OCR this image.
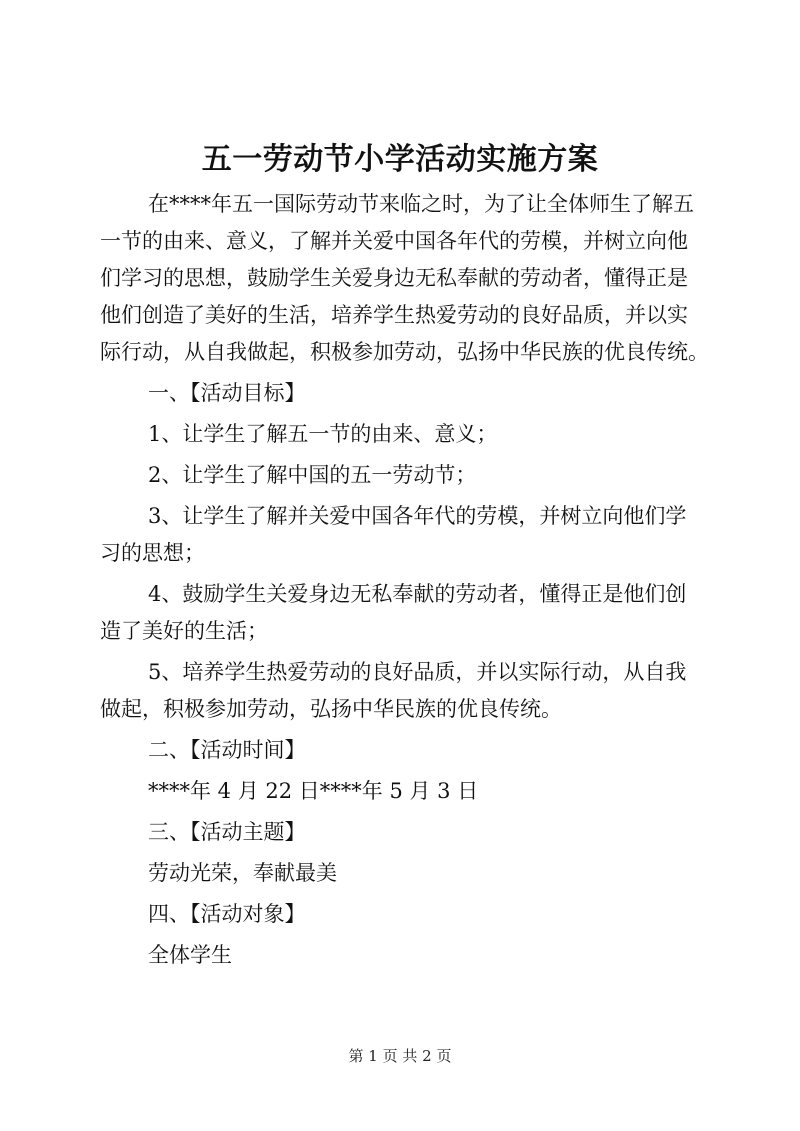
五一劳动节小学活动实施方案

在****年五一国际劳动节来临之时，为了让全体师生了解五

一节的由来、意义，了解并关爱中国各年代的劳模，并树立向他

们学习的思想，鼓励学生关爱身边无私奉献的劳动者，懂得正是

他们创造了美好的生活，培养学生热爱劳动的良好品质，并以实

际行动，从自我做起，积极参加劳动，弘扬中华民族的优良传统。

一、【活动目标】

1、让学生了解五一节的由来、意义；

2、让学生了解中国的五一劳动节；

3、让学生了解并关爱中国各年代的劳模，并树立向他们学

习的思想；

4、鼓励学生关爱身边无私奉献的劳动者，懂得正是他们创

造了美好的生活；

5、培养学生热爱劳动的良好品质，并以实际行动，从自我

做起，积极参加劳动，弘扬中华民族的优良传统。

二、【活动时间】

****年 4 月 22 日****年 5 月 3 日

三、【活动主题】

劳动光荣，奉献最美

四、【活动对象】

全体学生

第 1 页 共 2 页
